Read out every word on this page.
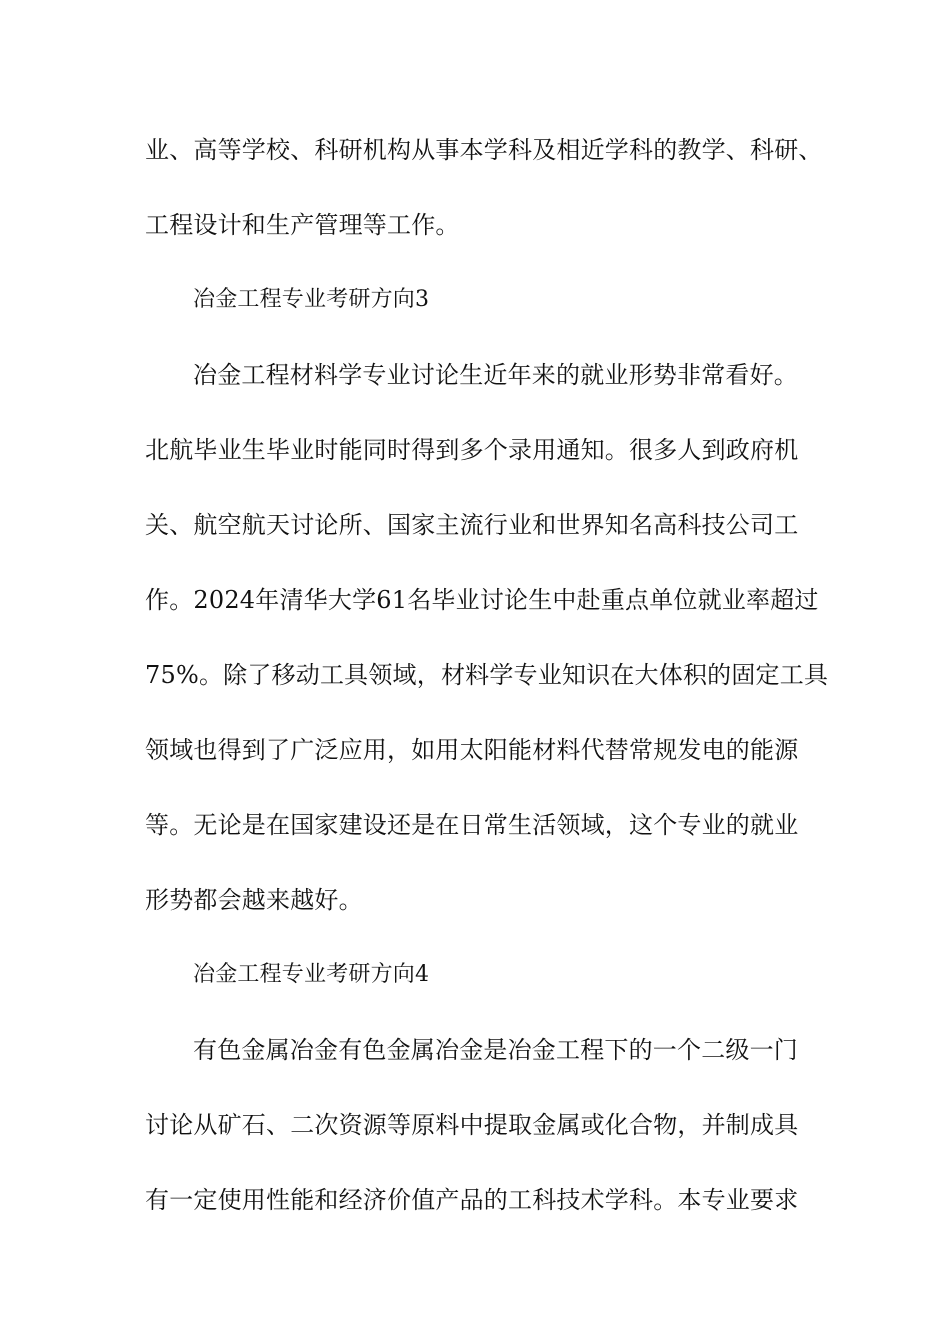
业、高等学校、科研机构从事本学科及相近学科的教学、科研、
工程设计和生产管理等工作。
冶金工程专业考研方向3
冶金工程材料学专业讨论生近年来的就业形势非常看好。
北航毕业生毕业时能同时得到多个录用通知。很多人到政府机
关、航空航天讨论所、国家主流行业和世界知名高科技公司工
作。2024年清华大学61名毕业讨论生中赴重点单位就业率超过
75%。除了移动工具领域，材料学专业知识在大体积的固定工具
领域也得到了广泛应用，如用太阳能材料代替常规发电的能源
等。无论是在国家建设还是在日常生活领域，这个专业的就业
形势都会越来越好。
冶金工程专业考研方向4
有色金属冶金有色金属冶金是冶金工程下的一个二级一门
讨论从矿石、二次资源等原料中提取金属或化合物，并制成具
有一定使用性能和经济价值产品的工科技术学科。本专业要求
